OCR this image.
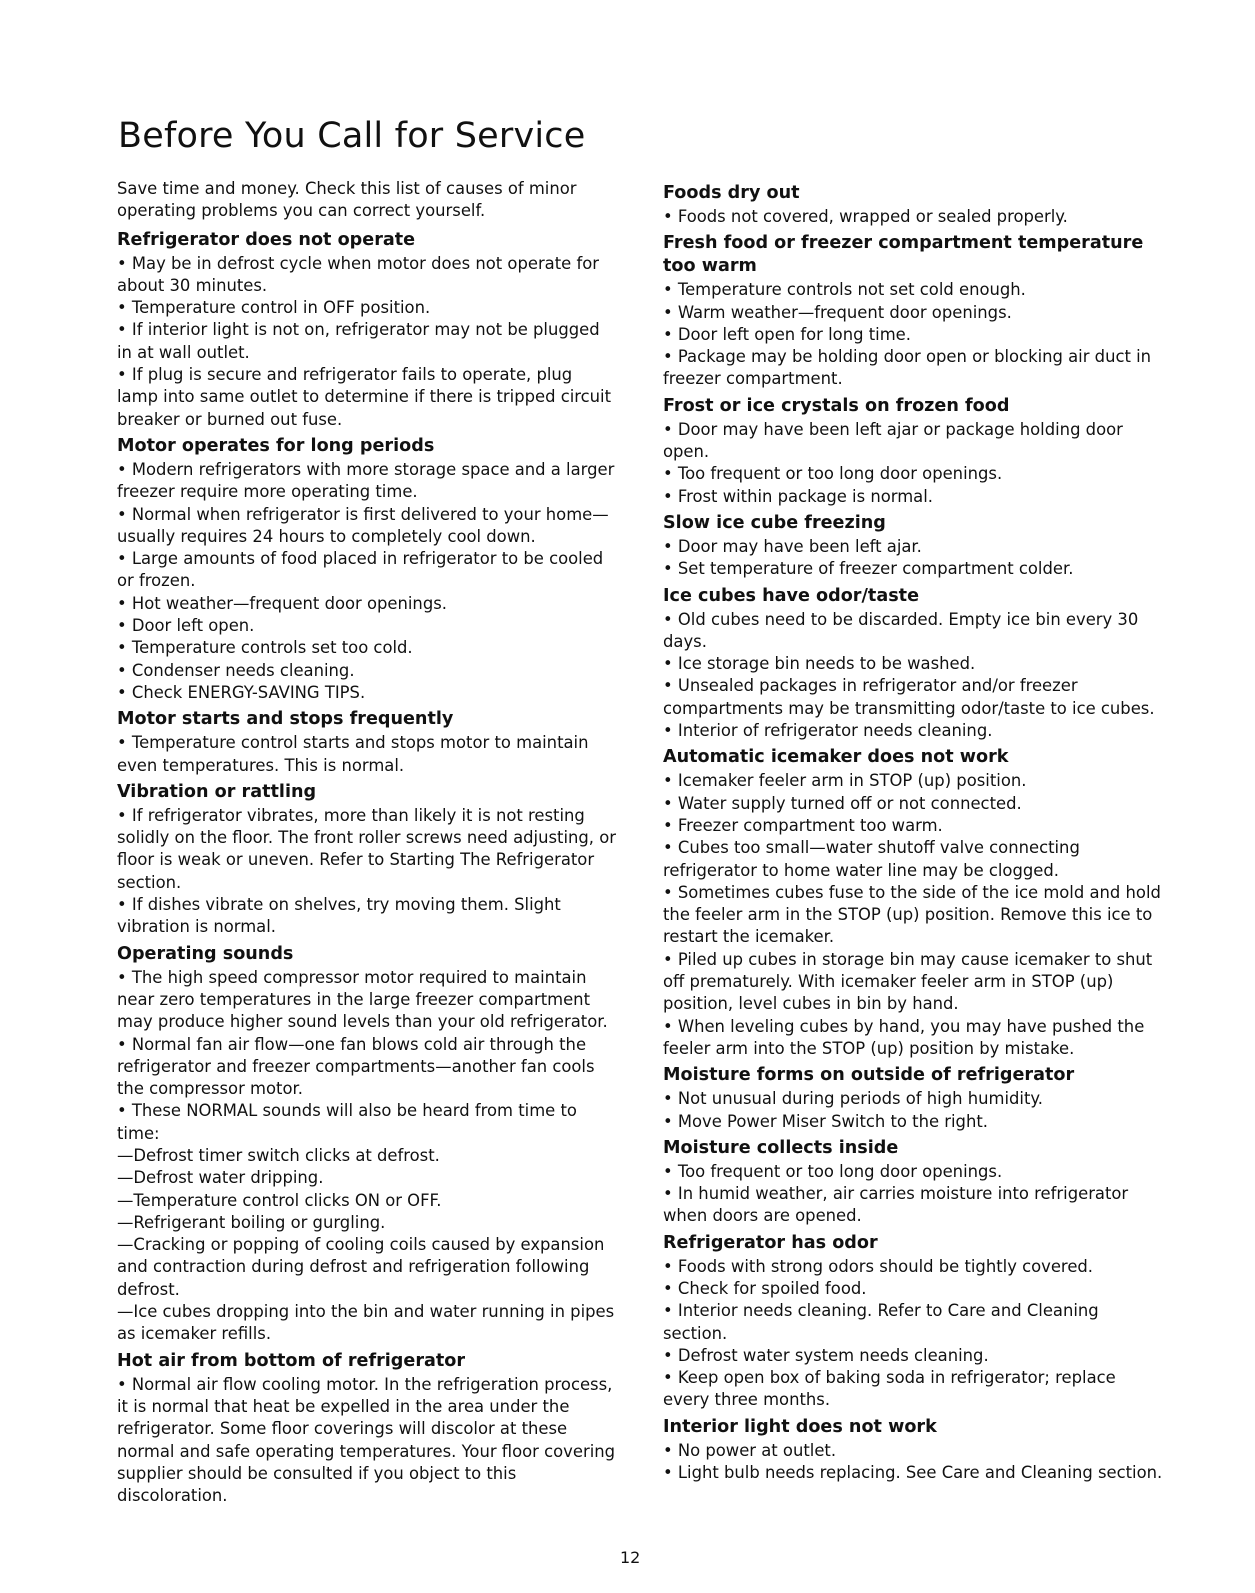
Before You Call for Service

Save time and money. Check this list of causes of minor operating problems you can correct yourself.

Refrigerator does not operate
• May be in defrost cycle when motor does not operate for about 30 minutes.
• Temperature control in OFF position.
• If interior light is not on, refrigerator may not be plugged in at wall outlet.
• If plug is secure and refrigerator fails to operate, plug lamp into same outlet to determine if there is tripped circuit breaker or burned out fuse.
Motor operates for long periods
• Modern refrigerators with more storage space and a larger freezer require more operating time.
• Normal when refrigerator is first delivered to your home—usually requires 24 hours to completely cool down.
• Large amounts of food placed in refrigerator to be cooled or frozen.
• Hot weather—frequent door openings.
• Door left open.
• Temperature controls set too cold.
• Condenser needs cleaning.
• Check ENERGY-SAVING TIPS.
Motor starts and stops frequently
• Temperature control starts and stops motor to maintain even temperatures. This is normal.
Vibration or rattling
• If refrigerator vibrates, more than likely it is not resting solidly on the floor. The front roller screws need adjusting, or floor is weak or uneven. Refer to Starting The Refrigerator section.
• If dishes vibrate on shelves, try moving them. Slight vibration is normal.
Operating sounds
• The high speed compressor motor required to maintain near zero temperatures in the large freezer compartment may produce higher sound levels than your old refrigerator.
• Normal fan air flow—one fan blows cold air through the refrigerator and freezer compartments—another fan cools the compressor motor.
• These NORMAL sounds will also be heard from time to time:
—Defrost timer switch clicks at defrost.
—Defrost water dripping.
—Temperature control clicks ON or OFF.
—Refrigerant boiling or gurgling.
—Cracking or popping of cooling coils caused by expansion and contraction during defrost and refrigeration following defrost.
—Ice cubes dropping into the bin and water running in pipes as icemaker refills.
Hot air from bottom of refrigerator
• Normal air flow cooling motor. In the refrigeration process, it is normal that heat be expelled in the area under the refrigerator. Some floor coverings will discolor at these normal and safe operating temperatures. Your floor covering supplier should be consulted if you object to this discoloration.
Foods dry out
• Foods not covered, wrapped or sealed properly.
Fresh food or freezer compartment temperature too warm
• Temperature controls not set cold enough.
• Warm weather—frequent door openings.
• Door left open for long time.
• Package may be holding door open or blocking air duct in freezer compartment.
Frost or ice crystals on frozen food
• Door may have been left ajar or package holding door open.
• Too frequent or too long door openings.
• Frost within package is normal.
Slow ice cube freezing
• Door may have been left ajar.
• Set temperature of freezer compartment colder.
Ice cubes have odor/taste
• Old cubes need to be discarded. Empty ice bin every 30 days.
• Ice storage bin needs to be washed.
• Unsealed packages in refrigerator and/or freezer compartments may be transmitting odor/taste to ice cubes.
• Interior of refrigerator needs cleaning.
Automatic icemaker does not work
• Icemaker feeler arm in STOP (up) position.
• Water supply turned off or not connected.
• Freezer compartment too warm.
• Cubes too small—water shutoff valve connecting refrigerator to home water line may be clogged.
• Sometimes cubes fuse to the side of the ice mold and hold the feeler arm in the STOP (up) position. Remove this ice to restart the icemaker.
• Piled up cubes in storage bin may cause icemaker to shut off prematurely. With icemaker feeler arm in STOP (up) position, level cubes in bin by hand.
• When leveling cubes by hand, you may have pushed the feeler arm into the STOP (up) position by mistake.
Moisture forms on outside of refrigerator
• Not unusual during periods of high humidity.
• Move Power Miser Switch to the right.
Moisture collects inside
• Too frequent or too long door openings.
• In humid weather, air carries moisture into refrigerator when doors are opened.
Refrigerator has odor
• Foods with strong odors should be tightly covered.
• Check for spoiled food.
• Interior needs cleaning. Refer to Care and Cleaning section.
• Defrost water system needs cleaning.
• Keep open box of baking soda in refrigerator; replace every three months.
Interior light does not work
• No power at outlet.
• Light bulb needs replacing. See Care and Cleaning section.
12
